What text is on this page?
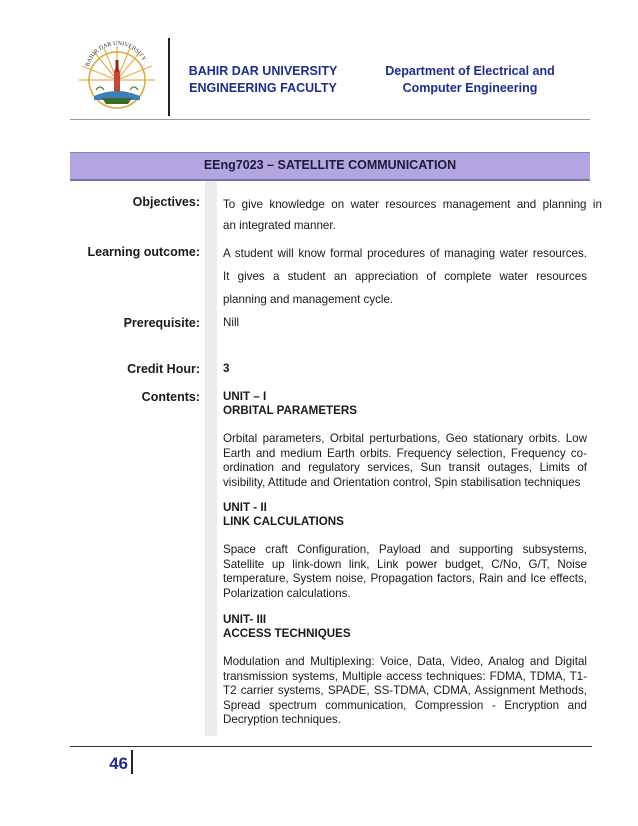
BAHIR DAR UNIVERSITY
BAHIR DAR UNIVERSITY
ENGINEERING FACULTY
Department of Electrical and
Computer Engineering
EEng7023 – SATELLITE COMMUNICATION
Objectives: To  give  knowledge  on  water  resources  management  and  planning  in
an integrated manner.
Learning outcome: A student will know formal procedures of managing water resources.
It  gives  a  student  an  appreciation  of  complete  water  resources
planning and management cycle.
Prerequisite: Nill
Credit Hour: 3
Contents: UNIT – I
ORBITAL PARAMETERS
Orbital parameters, Orbital perturbations, Geo stationary orbits. Low Earth and medium Earth orbits. Frequency selection, Frequency co-ordination and regulatory services, Sun transit outages, Limits of visibility, Attitude and Orientation control, Spin stabilisation techniques
UNIT - II
LINK CALCULATIONS
Space craft Configuration, Payload and supporting subsystems, Satellite up link-down link, Link power budget, C/No, G/T, Noise temperature, System noise, Propagation factors, Rain and Ice effects, Polarization calculations.
UNIT- III
ACCESS TECHNIQUES
Modulation and Multiplexing: Voice, Data, Video, Analog and Digital transmission systems, Multiple access techniques: FDMA, TDMA, T1-T2 carrier systems, SPADE, SS-TDMA, CDMA, Assignment Methods, Spread spectrum communication, Compression - Encryption and Decryption techniques.
46
